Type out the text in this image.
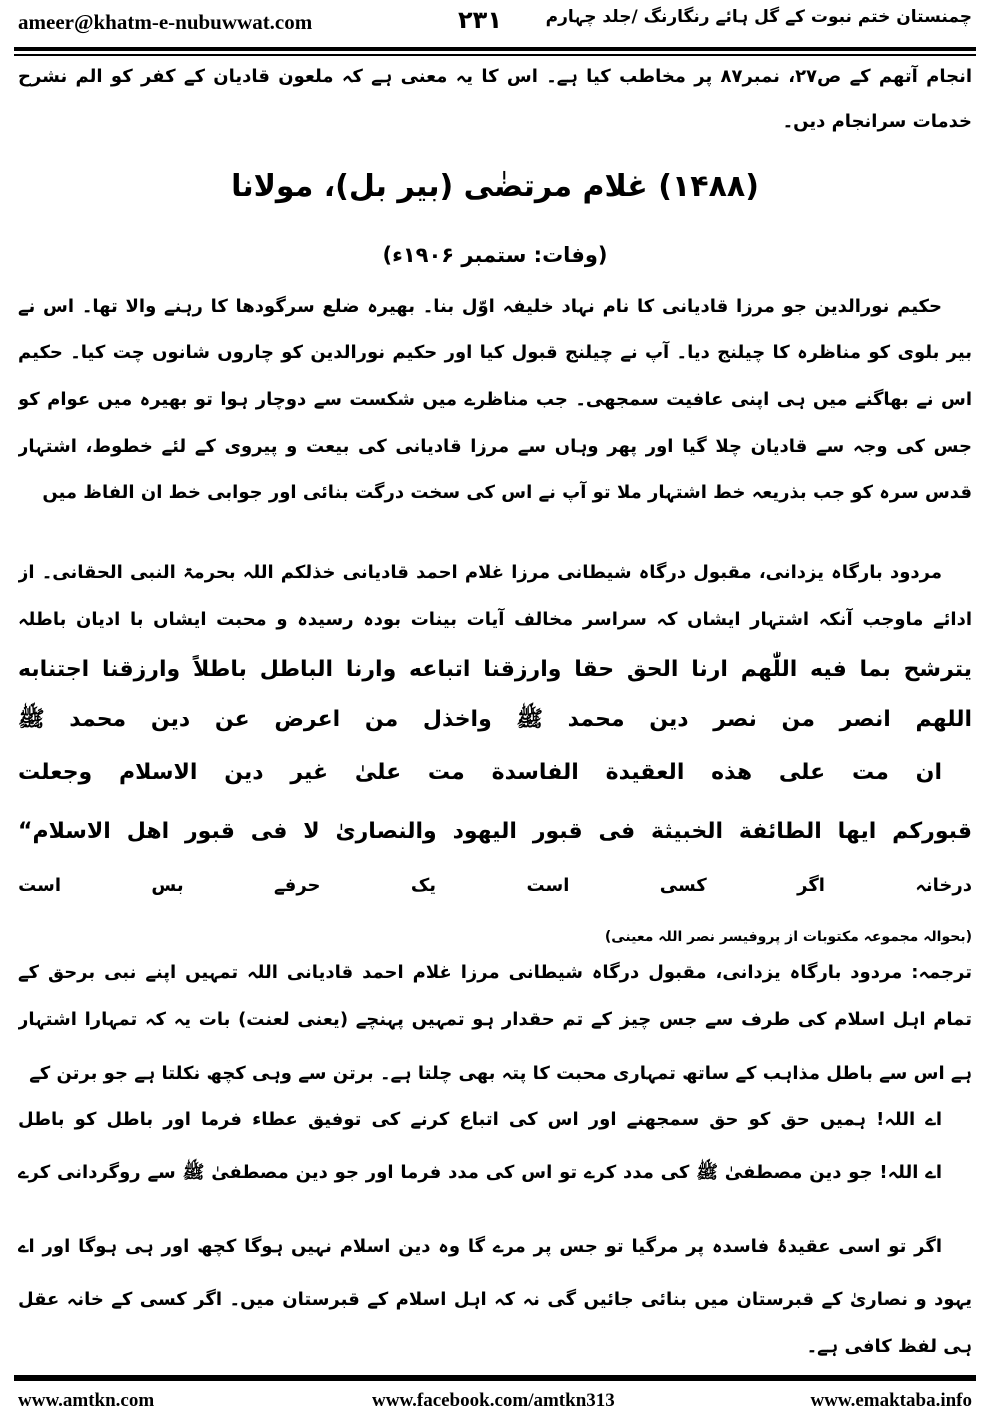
ameer@khatm-e-nubuwwat.com	۲۳۱	چمنستان ختم نبوت کے گل ہائے رنگارنگ /جلد چہارم
انجام آتھم کے ص۲۷، نمبر۸۷ پر مخاطب کیا ہے۔ اس کا یہ معنی ہے کہ ملعون قادیان کے کفر کو الم نشرح
خدمات سرانجام دیں۔
(۱۴۸۸) غلام مرتضٰی (بیر بل)، مولانا
(وفات: ستمبر ۱۹۰۶ء)
حکیم نورالدین جو مرزا قادیانی کا نام نہاد خلیفہ اوّل بنا۔ بھیرہ ضلع سرگودھا کا رہنے والا تھا۔ اس نے
بیر بلوی کو مناظرہ کا چیلنج دیا۔ آپ نے چیلنج قبول کیا اور حکیم نورالدین کو چاروں شانوں چت کیا۔ حکیم
اس نے بھاگنے میں ہی اپنی عافیت سمجھی۔ جب مناظرے میں شکست سے دوچار ہوا تو بھیرہ میں عوام کو
جس کی وجہ سے قادیان چلا گیا اور پھر وہاں سے مرزا قادیانی کی بیعت و پیروی کے لئے خطوط، اشتہار
قدس سرہ کو جب بذریعہ خط اشتہار ملا تو آپ نے اس کی سخت درگت بنائی اور جوابی خط ان الفاظ میں
مردود بارگاہ یزدانی، مقبول درگاہ شیطانی مرزا غلام احمد قادیانی خذلکم اللہ بحرمۃ النبی الحقانی۔ از
ادائے ماوجب آنکہ اشتہار ایشاں کہ سراسر مخالف آیات بینات بودہ رسیدہ و محبت ایشاں با ادیان باطلہ
يترشح بما فيه اللّٰهم ارنا الحق حقا وارزقنا اتباعه وارنا الباطل باطلاً وارزقنا اجتنابه
اللهم انصر من نصر دين محمد ﷺ واخذل من اعرض عن دين محمد ﷺ
ان مت علی هذه العقيدة الفاسدة مت علیٰ غير دين الاسلام وجعلت
قبورکم ايها الطائفة الخبيثة فی قبور اليهود والنصاریٰ لا فی قبور اهل الاسلام“
درخانہ
اگر
کسی
است
یک
حرفے
بس
است
(بحوالہ مجموعہ مکتوبات از پروفیسر نصر اللہ معینی)
ترجمہ: مردود بارگاہ یزدانی، مقبول درگاہ شیطانی مرزا غلام احمد قادیانی اللہ تمہیں اپنے نبی برحق کے
تمام اہل اسلام کی طرف سے جس چیز کے تم حقدار ہو تمہیں پہنچے (یعنی لعنت) بات یہ کہ تمہارا اشتہار
ہے اس سے باطل مذاہب کے ساتھ تمہاری محبت کا پتہ بھی چلتا ہے۔ برتن سے وہی کچھ نکلتا ہے جو برتن کے
اے اللہ! ہمیں حق کو حق سمجھنے اور اس کی اتباع کرنے کی توفیق عطاء فرما اور باطل کو باطل
اے اللہ! جو دین مصطفیٰ ﷺ کی مدد کرے تو اس کی مدد فرما اور جو دین مصطفیٰ ﷺ سے روگردانی کرے
اگر تو اسی عقیدۂ فاسدہ پر مرگیا تو جس پر مرے گا وہ دین اسلام نہیں ہوگا کچھ اور ہی ہوگا اور اے
یہود و نصاریٰ کے قبرستان میں بنائی جائیں گی نہ کہ اہل اسلام کے قبرستان میں۔ اگر کسی کے خانہ عقل
ہی لفظ کافی ہے۔
www.amtkn.com	www.facebook.com/amtkn313	www.emaktaba.info
